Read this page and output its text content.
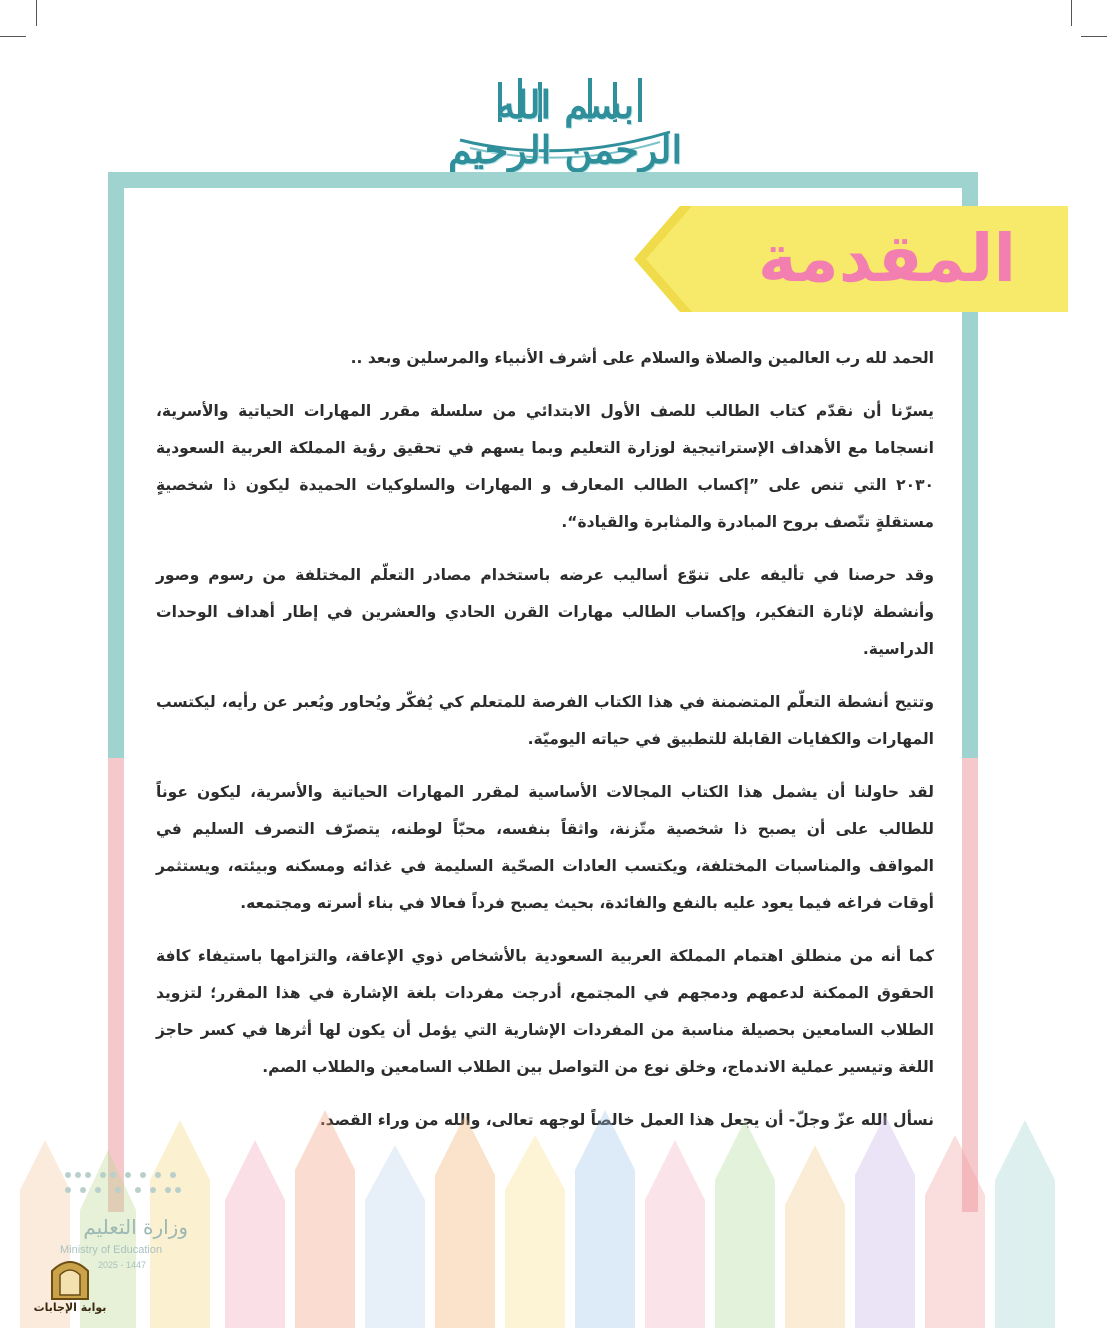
بسم الله الرحمن الرحيم
المقدمة

الحمد لله رب العالمين والصلاة والسلام على أشرف الأنبياء والمرسلين وبعد ..

يسرّنا أن نقدّم كتاب الطالب للصف الأول الابتدائي من سلسلة مقرر المهارات الحياتية والأسرية، انسجاما مع الأهداف الإستراتيجية لوزارة التعليم وبما يسهم في تحقيق رؤية المملكة العربية السعودية ٢٠٣٠ التي تنص على ”إكساب الطالب المعارف و المهارات والسلوكيات الحميدة ليكون ذا شخصيةٍ مستقلةٍ تتّصف بروح المبادرة والمثابرة والقيادة“.

وقد حرصنا في تأليفه على تنوّع أساليب عرضه باستخدام مصادر التعلّم المختلفة من رسوم وصور وأنشطة لإثارة التفكير، وإكساب الطالب مهارات القرن الحادي والعشرين في إطار أهداف الوحدات الدراسية.

وتتيح أنشطة التعلّم المتضمنة في هذا الكتاب الفرصة للمتعلم كي يُفكّر ويُحاور ويُعبر عن رأيه، ليكتسب المهارات والكفايات القابلة للتطبيق في حياته اليوميّة.

لقد حاولنا أن يشمل هذا الكتاب المجالات الأساسية لمقرر المهارات الحياتية والأسرية، ليكون عوناً للطالب على أن يصبح ذا شخصية متّزنة، واثقاً بنفسه، محبّاً لوطنه، يتصرّف التصرف السليم في المواقف والمناسبات المختلفة، ويكتسب العادات الصحّية السليمة في غذائه ومسكنه وبيئته، ويستثمر أوقات فراغه فيما يعود عليه بالنفع والفائدة، بحيث يصبح فرداً فعالا في بناء أسرته ومجتمعه.

كما أنه من منطلق اهتمام المملكة العربية السعودية بالأشخاص ذوي الإعاقة، والتزامها باستيفاء كافة الحقوق الممكنة لدعمهم ودمجهم في المجتمع، أدرجت مفردات بلغة الإشارة في هذا المقرر؛ لتزويد الطلاب السامعين بحصيلة مناسبة من المفردات الإشارية التي يؤمل أن يكون لها أثرها في كسر حاجز اللغة وتيسير عملية الاندماج، وخلق نوع من التواصل بين الطلاب السامعين والطلاب الصم.

نسأل الله عزّ وجلّ- أن يجعل هذا العمل خالصاً لوجهه تعالى، والله من وراء القصد.

وزارة التعليم
Ministry of Education
2025 - 1447
بوابة الإجابات
